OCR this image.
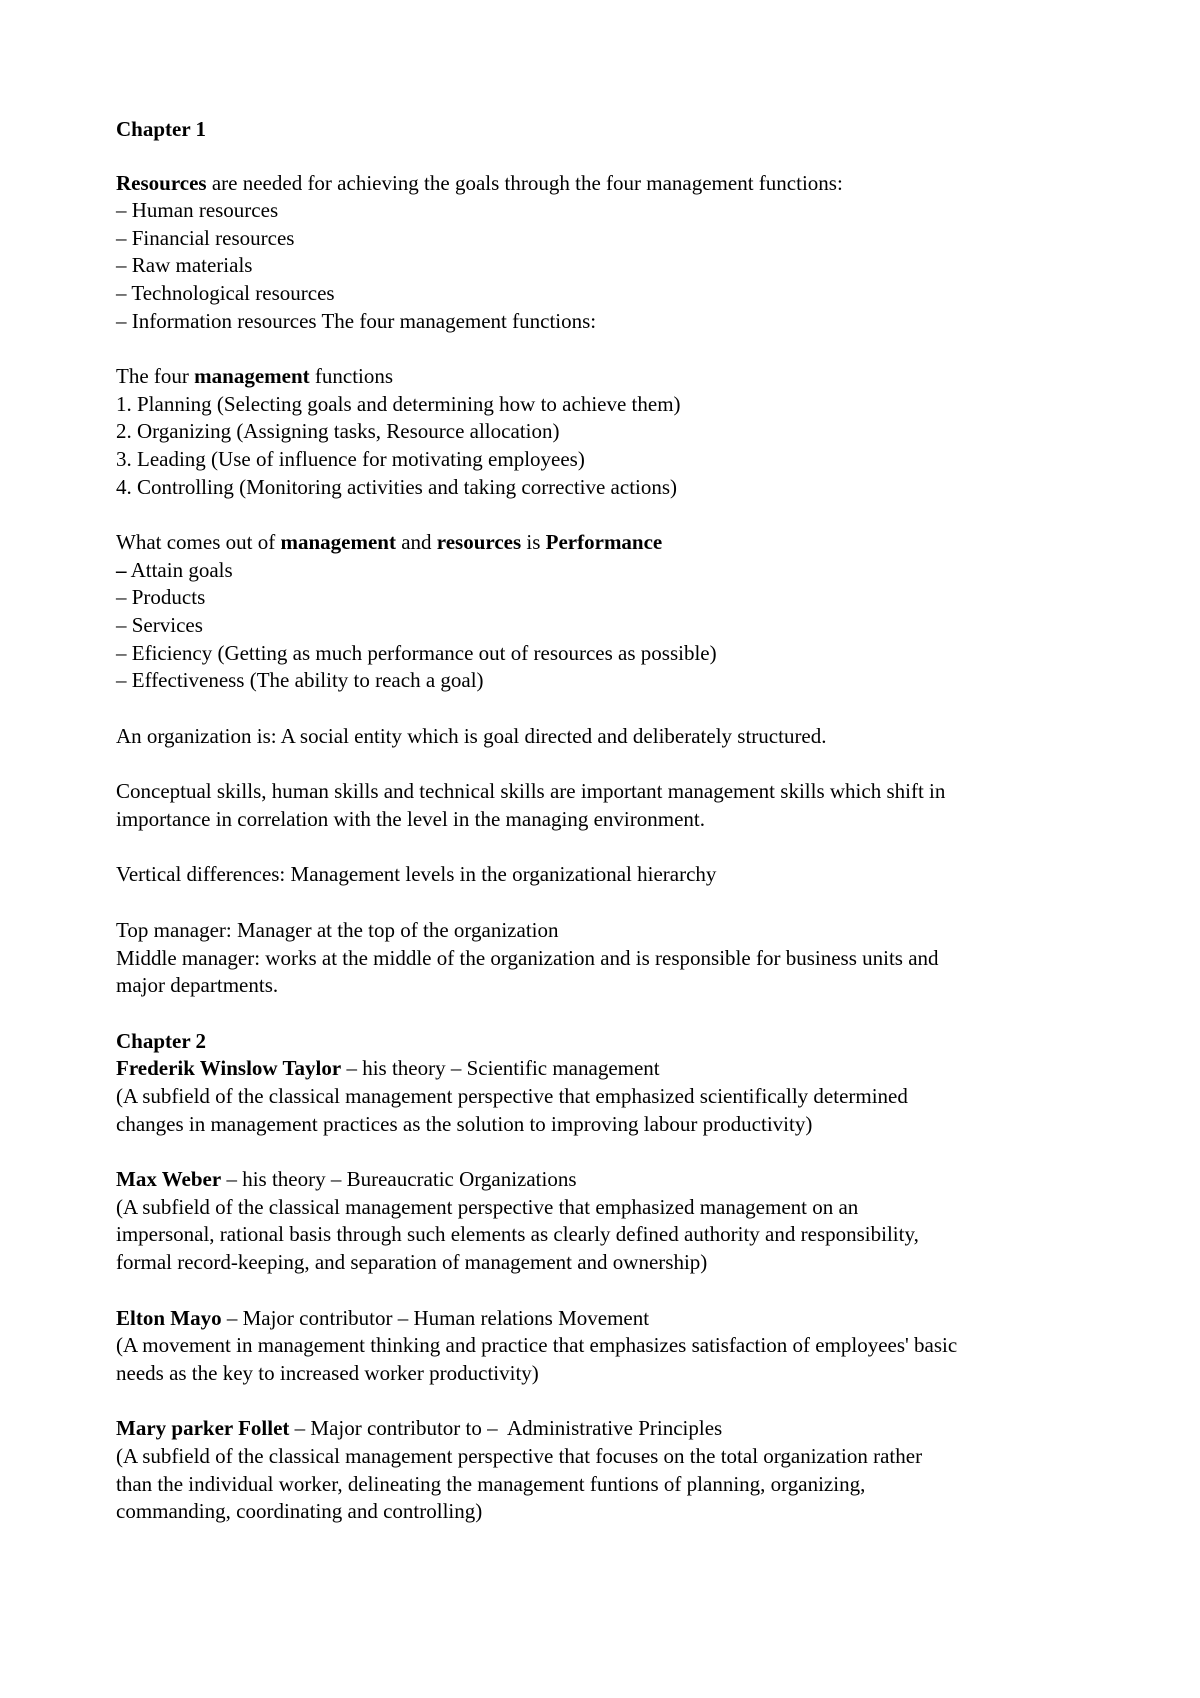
Chapter 1
Resources are needed for achieving the goals through the four management functions:
– Human resources
– Financial resources
– Raw materials
– Technological resources
– Information resources The four management functions:
The four management functions
1. Planning (Selecting goals and determining how to achieve them)
2. Organizing (Assigning tasks, Resource allocation)
3. Leading (Use of influence for motivating employees)
4. Controlling (Monitoring activities and taking corrective actions)
What comes out of management and resources is Performance
– Attain goals
– Products
– Services
– Eficiency (Getting as much performance out of resources as possible)
– Effectiveness (The ability to reach a goal)
An organization is: A social entity which is goal directed and deliberately structured.
Conceptual skills, human skills and technical skills are important management skills which shift in
importance in correlation with the level in the managing environment.
Vertical differences: Management levels in the organizational hierarchy
Top manager: Manager at the top of the organization
Middle manager: works at the middle of the organization and is responsible for business units and
major departments.
Chapter 2
Frederik Winslow Taylor – his theory – Scientific management
(A subfield of the classical management perspective that emphasized scientifically determined
changes in management practices as the solution to improving labour productivity)
Max Weber – his theory – Bureaucratic Organizations
(A subfield of the classical management perspective that emphasized management on an
impersonal, rational basis through such elements as clearly defined authority and responsibility,
formal record-keeping, and separation of management and ownership)
Elton Mayo – Major contributor – Human relations Movement
(A movement in management thinking and practice that emphasizes satisfaction of employees' basic
needs as the key to increased worker productivity)
Mary parker Follet – Major contributor to –  Administrative Principles
(A subfield of the classical management perspective that focuses on the total organization rather
than the individual worker, delineating the management funtions of planning, organizing,
commanding, coordinating and controlling)
